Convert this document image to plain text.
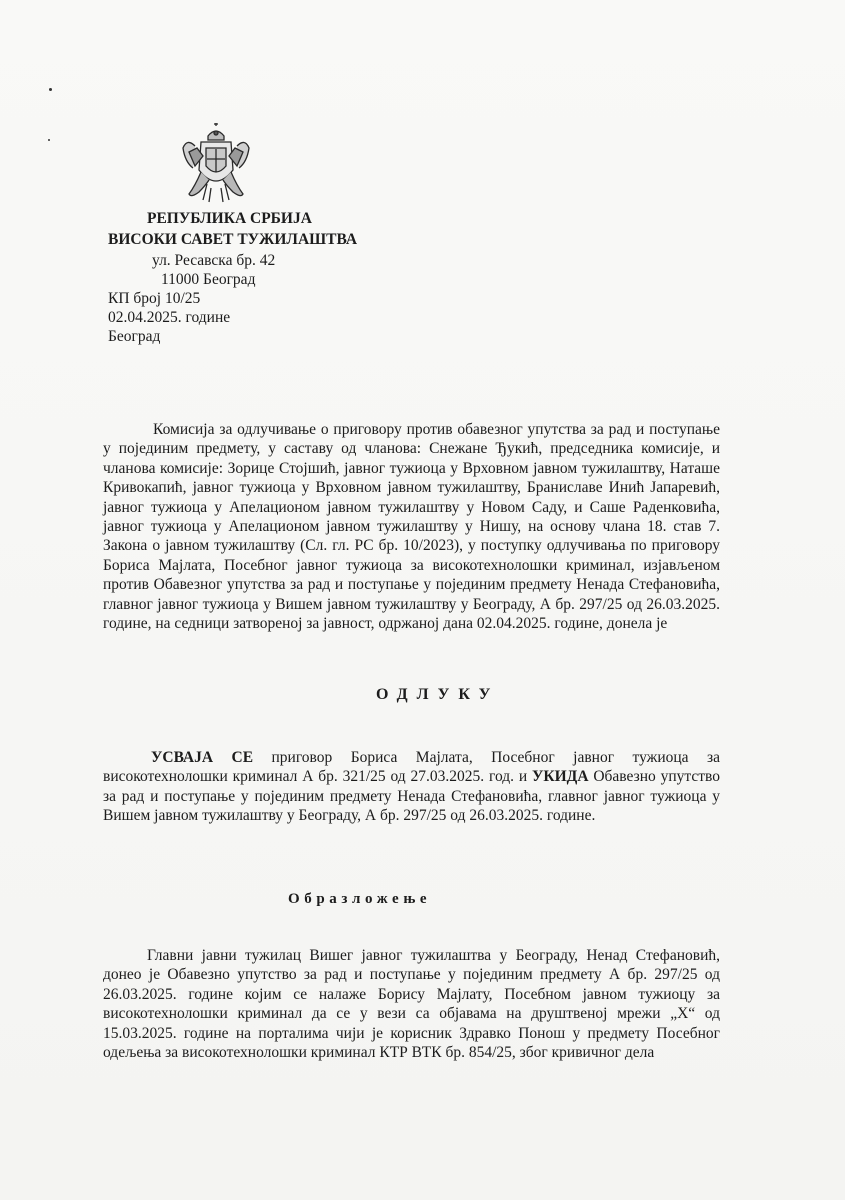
РЕПУБЛИКА СРБИЈА
ВИСОКИ САВЕТ ТУЖИЛАШТВА
ул. Ресавска бр. 42
11000 Београд
КП број 10/25
02.04.2025. године
Београд

Комисија за одлучивање о приговору против обавезног упутства за рад и поступање у појединим предмету, у саставу од чланова: Снежане Ђукић, председника комисије, и чланова комисије: Зорице Стојшић, јавног тужиоца у Врховном јавном тужилаштву, Наташе Кривокапић, јавног тужиоца у Врховном јавном тужилаштву, Браниславе Инић Јапаревић, јавног тужиоца у Апелационом јавном тужилаштву у Новом Саду, и Саше Раденковића, јавног тужиоца у Апелационом јавном тужилаштву у Нишу, на основу члана 18. став 7. Закона о јавном тужилаштву (Сл. гл. РС бр. 10/2023), у поступку одлучивања по приговору Бориса Мајлата, Посебног јавног тужиоца за високотехнолошки криминал, изјављеном против Обавезног упутства за рад и поступање у појединим предмету Ненада Стефановића, главног јавног тужиоца у Вишем јавном тужилаштву у Београду, А бр. 297/25 од 26.03.2025. године, на седници затвореној за јавност, одржаној дана 02.04.2025. године, донела је

ОДЛУКУ

УСВАЈА СЕ приговор Бориса Мајлата, Посебног јавног тужиоца за високотехнолошки криминал А бр. 321/25 од 27.03.2025. год. и УКИДА Обавезно упутство за рад и поступање у појединим предмету Ненада Стефановића, главног јавног тужиоца у Вишем јавном тужилаштву у Београду, А бр. 297/25 од 26.03.2025. године.

Образложење

Главни јавни тужилац Вишег јавног тужилаштва у Београду, Ненад Стефановић, донео је Обавезно упутство за рад и поступање у појединим предмету А бр. 297/25 од 26.03.2025. године којим се налаже Борису Мајлату, Посебном јавном тужиоцу за високотехнолошки криминал да се у вези са објавама на друштвеној мрежи „X“ од 15.03.2025. године на порталима чији је корисник Здравко Понош у предмету Посебног одељења за високотехнолошки криминал КТР ВТК бр. 854/25, због кривичног дела
